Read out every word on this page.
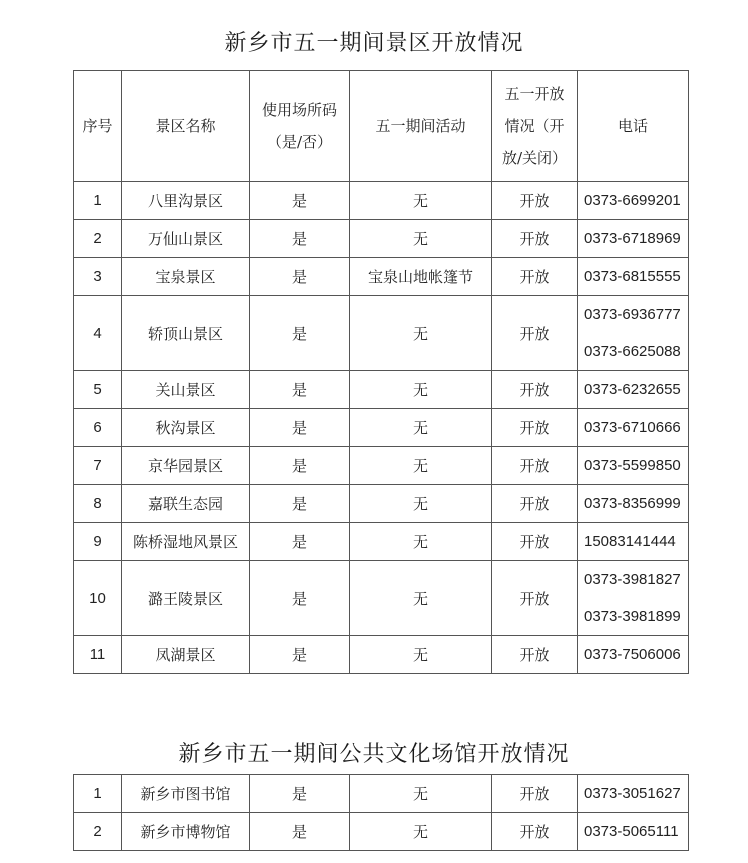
新乡市五一期间景区开放情况
序号	景区名称	使用场所码（是/否）	五一期间活动	五一开放情况（开放/关闭）	电话
1	八里沟景区	是	无	开放	0373-6699201

2	万仙山景区	是	无	开放	0373-6718969

3	宝泉景区	是	宝泉山地帐篷节	开放	0373-6815555

4	轿顶山景区	是	无	开放	0373-6936777
0373-6625088

5	关山景区	是	无	开放	0373-6232655

6	秋沟景区	是	无	开放	0373-6710666

7	京华园景区	是	无	开放	0373-5599850

8	嘉联生态园	是	无	开放	0373-8356999

9	陈桥湿地风景区	是	无	开放	15083141444

10	潞王陵景区	是	无	开放	0373-3981827
0373-3981899

11	凤湖景区	是	无	开放	0373-7506006
新乡市五一期间公共文化场馆开放情况
1	新乡市图书馆	是	无	开放	0373-3051627

2	新乡市博物馆	是	无	开放	0373-5065111
